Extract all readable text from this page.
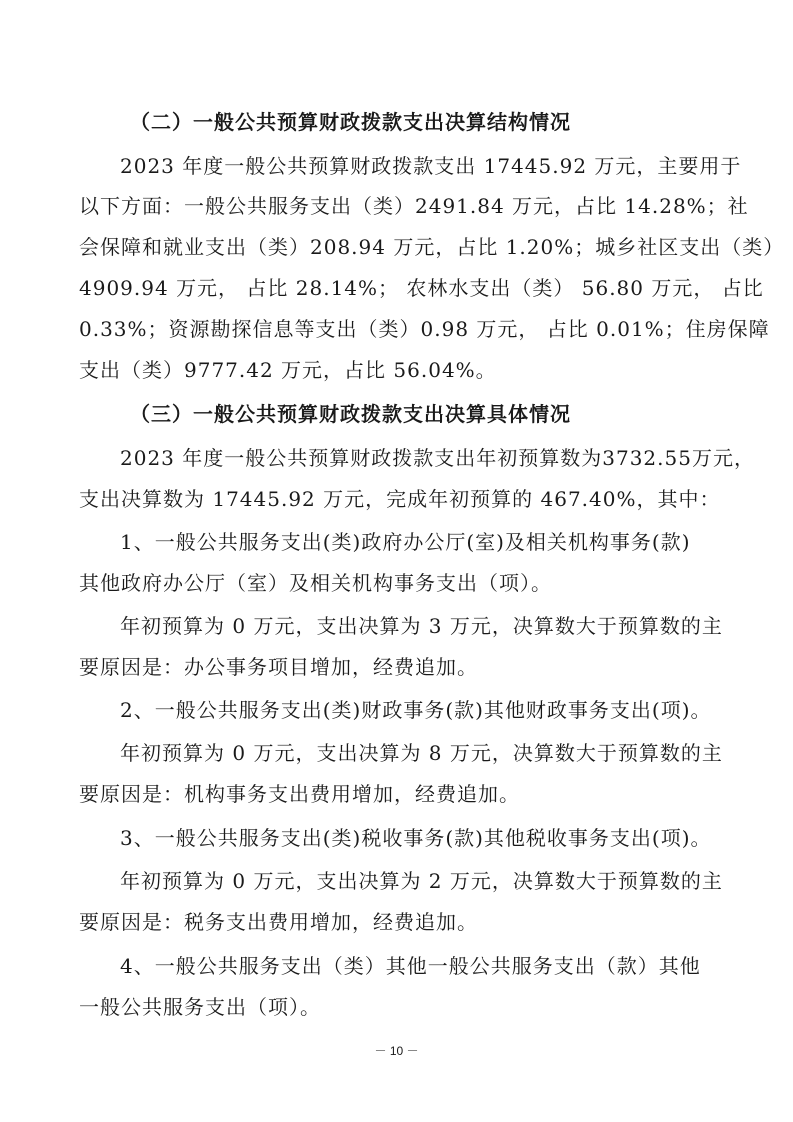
（二）一般公共预算财政拨款支出决算结构情况
2023 年度一般公共预算财政拨款支出 17445.92 万元，主要用于
以下方面：一般公共服务支出（类）2491.84 万元，占比 14.28%；社
会保障和就业支出（类）208.94 万元，占比 1.20%；城乡社区支出（类）
4909.94 万元， 占比 28.14%； 农林水支出（类） 56.80 万元， 占比
0.33%；资源勘探信息等支出（类）0.98 万元， 占比 0.01%；住房保障
支出（类）9777.42 万元，占比 56.04%。
（三）一般公共预算财政拨款支出决算具体情况
2023 年度一般公共预算财政拨款支出年初预算数为3732.55万元，
支出决算数为 17445.92 万元，完成年初预算的 467.40%，其中：
1、一般公共服务支出(类)政府办公厅(室)及相关机构事务(款)
其他政府办公厅（室）及相关机构事务支出（项）。
年初预算为 0 万元，支出决算为 3 万元，决算数大于预算数的主
要原因是：办公事务项目增加，经费追加。
2、一般公共服务支出(类)财政事务(款)其他财政事务支出(项)。
年初预算为 0 万元，支出决算为 8 万元，决算数大于预算数的主
要原因是：机构事务支出费用增加，经费追加。
3、一般公共服务支出(类)税收事务(款)其他税收事务支出(项)。
年初预算为 0 万元，支出决算为 2 万元，决算数大于预算数的主
要原因是：税务支出费用增加，经费追加。
4、一般公共服务支出（类）其他一般公共服务支出（款）其他
一般公共服务支出（项）。
－ 10 －
